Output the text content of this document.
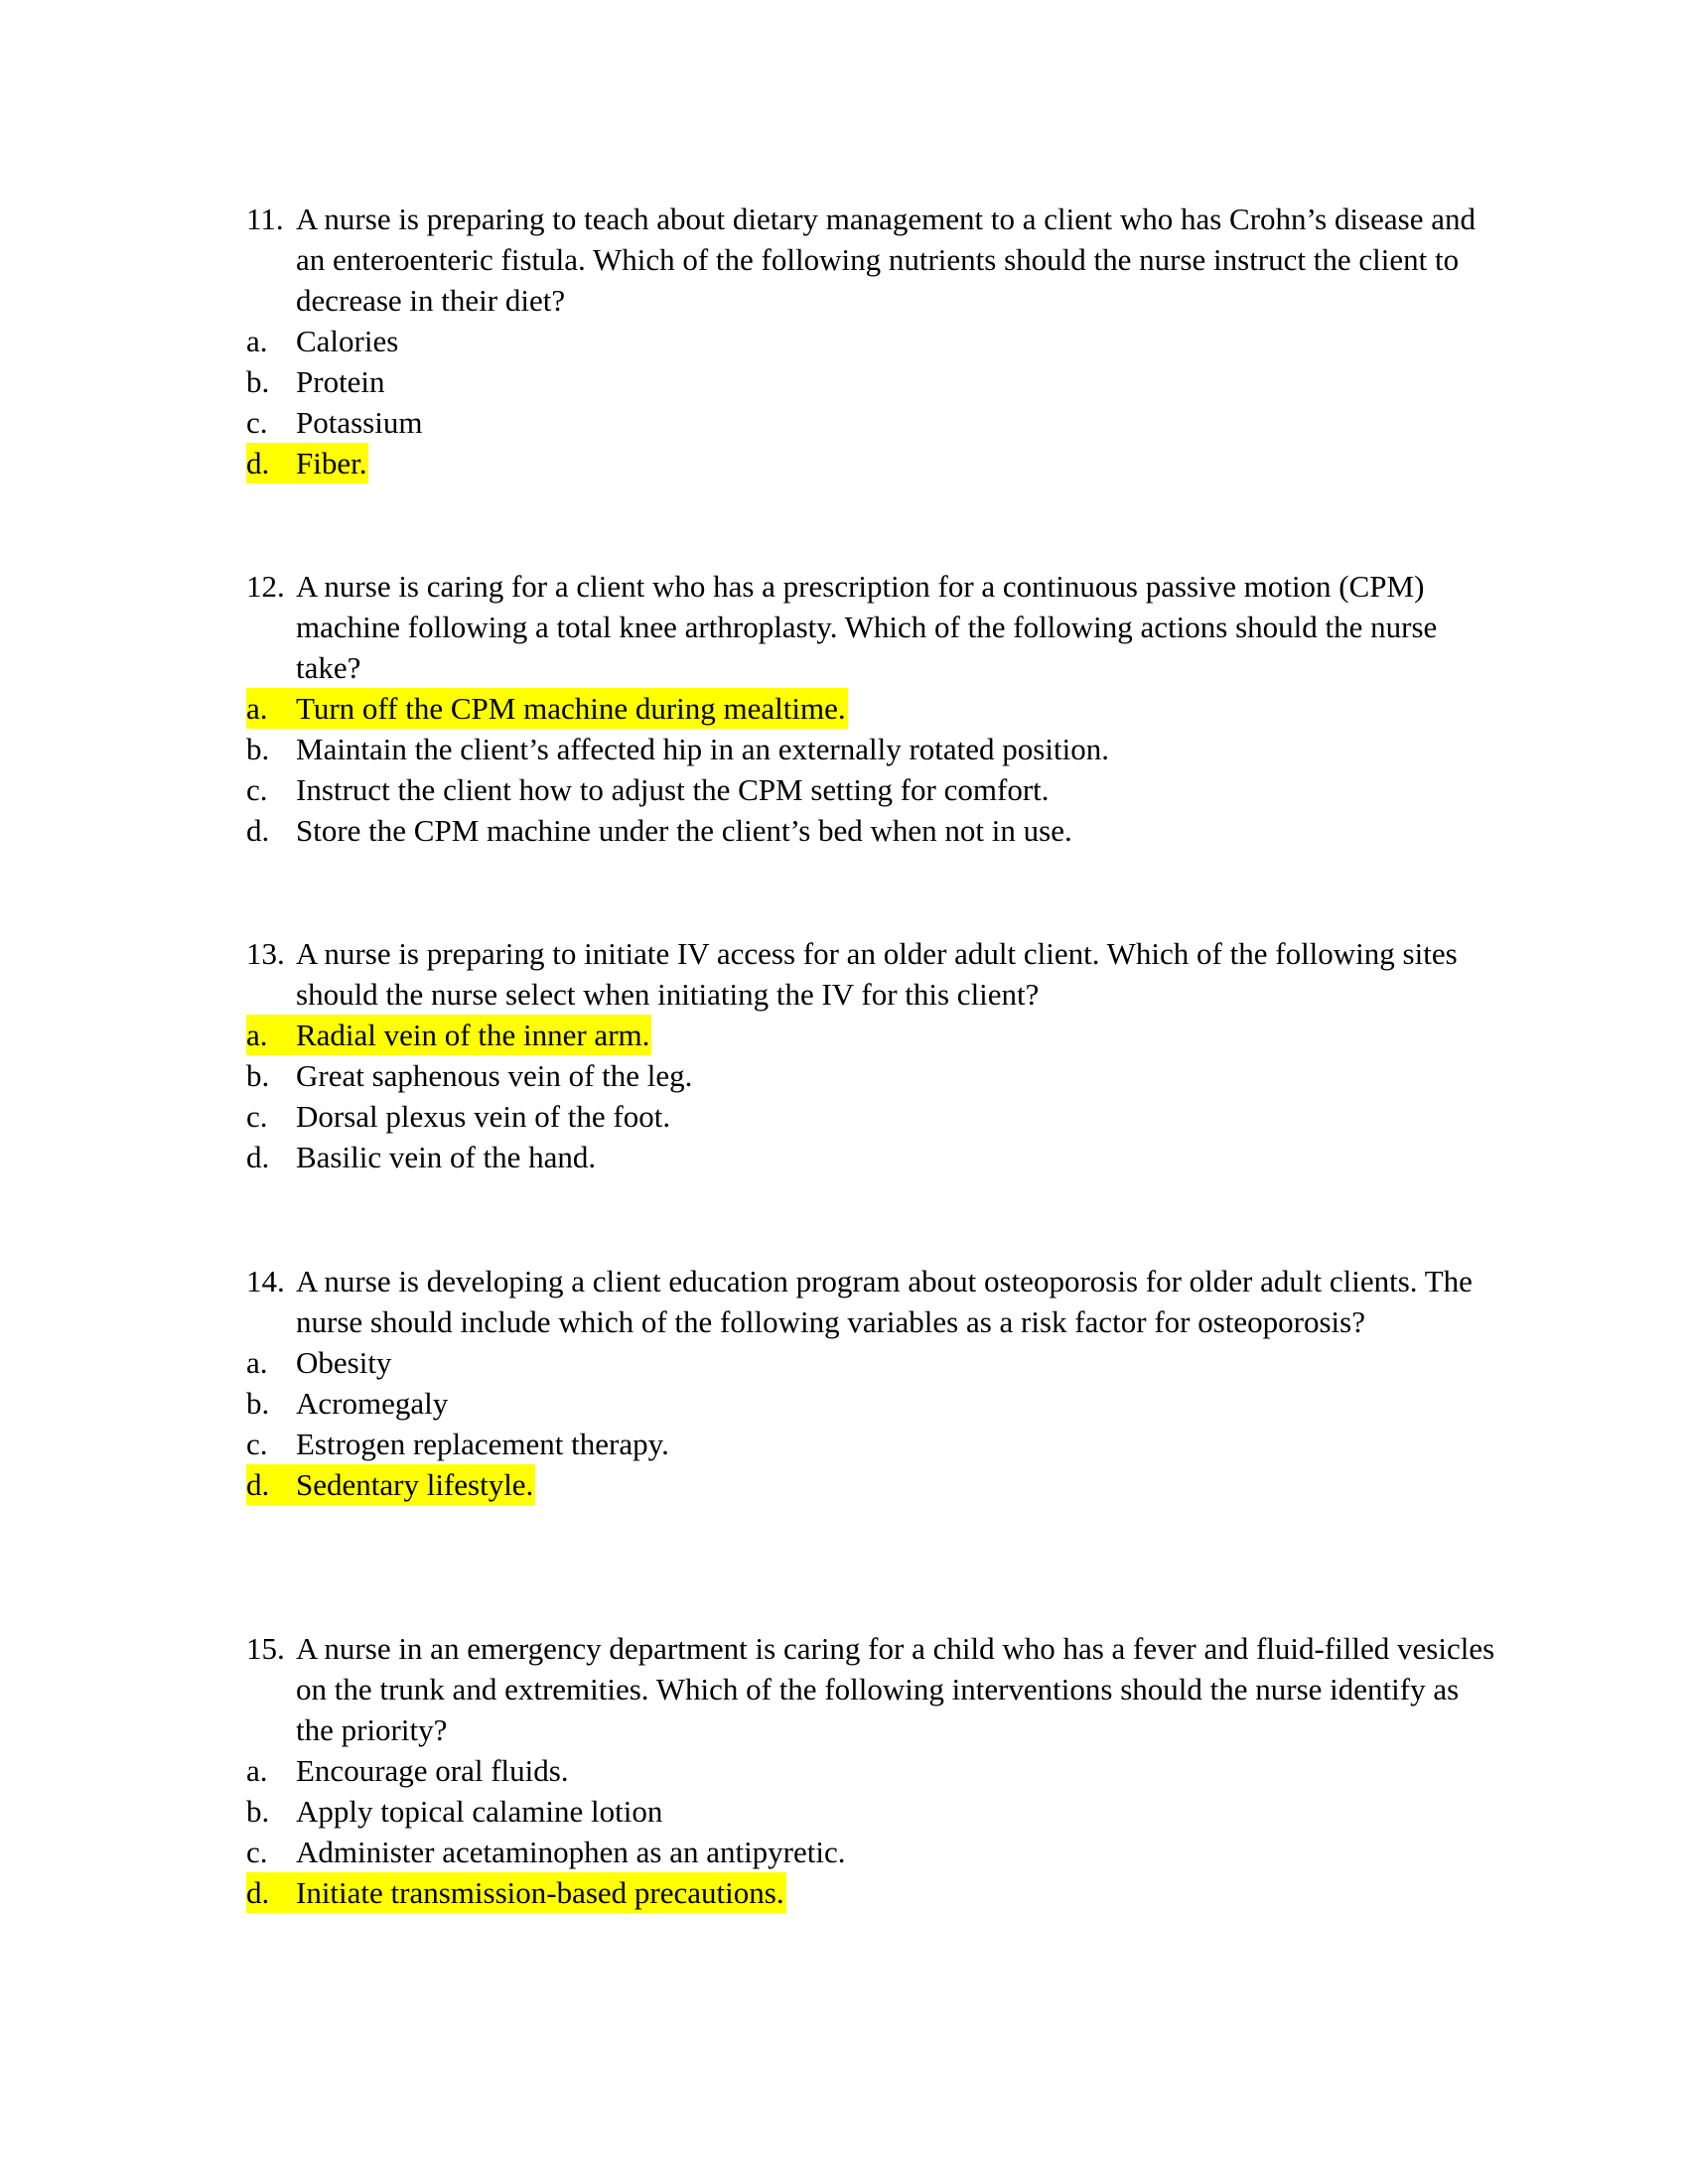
11. A nurse is preparing to teach about dietary management to a client who has Crohn’s disease and an enteroenteric fistula. Which of the following nutrients should the nurse instruct the client to decrease in their diet?
a. Calories
b. Protein
c. Potassium
d. Fiber.
12. A nurse is caring for a client who has a prescription for a continuous passive motion (CPM) machine following a total knee arthroplasty. Which of the following actions should the nurse take?
a. Turn off the CPM machine during mealtime.
b. Maintain the client’s affected hip in an externally rotated position.
c. Instruct the client how to adjust the CPM setting for comfort.
d. Store the CPM machine under the client’s bed when not in use.
13. A nurse is preparing to initiate IV access for an older adult client. Which of the following sites should the nurse select when initiating the IV for this client?
a. Radial vein of the inner arm.
b. Great saphenous vein of the leg.
c. Dorsal plexus vein of the foot.
d. Basilic vein of the hand.
14. A nurse is developing a client education program about osteoporosis for older adult clients. The nurse should include which of the following variables as a risk factor for osteoporosis?
a. Obesity
b. Acromegaly
c. Estrogen replacement therapy.
d. Sedentary lifestyle.
15. A nurse in an emergency department is caring for a child who has a fever and fluid-filled vesicles on the trunk and extremities. Which of the following interventions should the nurse identify as the priority?
a. Encourage oral fluids.
b. Apply topical calamine lotion
c. Administer acetaminophen as an antipyretic.
d. Initiate transmission-based precautions.
